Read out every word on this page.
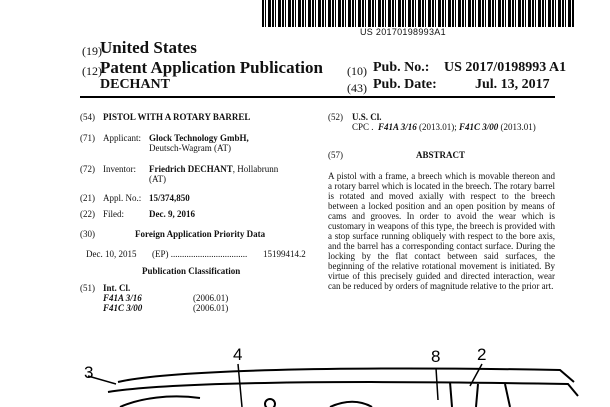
US 20170198993A1
(19)
United States
(12)
Patent Application Publication
DECHANT
(10) Pub. No.: US 2017/0198993 A1
(43) Pub. Date:	Jul. 13, 2017
(54) PISTOL WITH A ROTARY BARREL
(71) Applicant: Glock Technology GmbH,
Deutsch-Wagram (AT)
(72) Inventor: Friedrich DECHANT, Hollabrunn
(AT)
(21) Appl. No.: 15/374,850
(22) Filed:	Dec. 9, 2016
(30)	Foreign Application Priority Data
Dec. 10, 2015 (EP) .................................. 15199414.2
Publication Classification
(51) Int. Cl.
F41A 3/16	(2006.01)
F41C 3/00	(2006.01)
(52) U.S. Cl.
CPC . F41A 3/16 (2013.01); F41C 3/00 (2013.01)
(57)	ABSTRACT
A pistol with a frame, a breech which is movable thereon and a rotary barrel which is located in the breech. The rotary barrel is rotated and moved axially with respect to the breech between a locked position and an open position by means of cams and grooves. In order to avoid the wear which is customary in weapons of this type, the breech is provided with a stop surface running obliquely with respect to the bore axis, and the barrel has a corresponding contact surface. During the locking by the flat contact between said surfaces, the beginning of the relative rotational movement is initiated. By virtue of this precisely guided and directed interaction, wear can be reduced by orders of magnitude relative to the prior art.
3
4	8 2
